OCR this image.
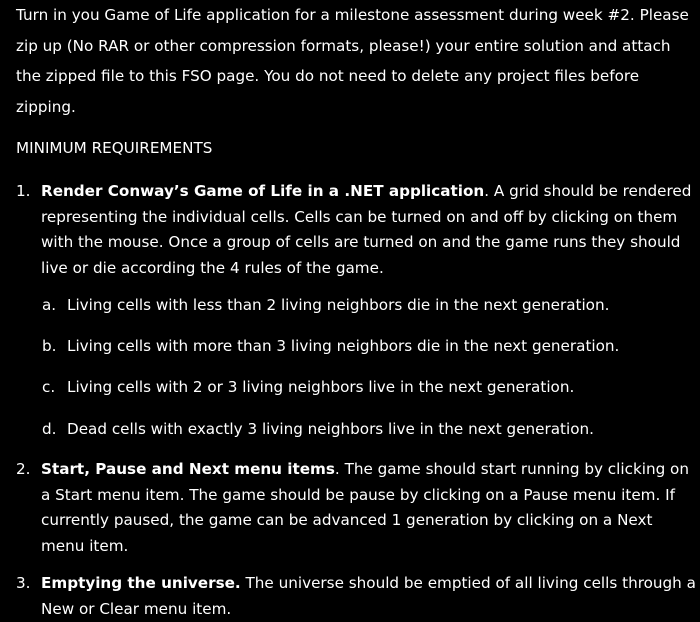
Turn in you Game of Life application for a milestone assessment during week #2. Please zip up (No RAR or other compression formats, please!) your entire solution and attach the zipped file to this FSO page. You do not need to delete any project files before zipping.
MINIMUM REQUIREMENTS
1. Render Conway’s Game of Life in a .NET application. A grid should be rendered representing the individual cells. Cells can be turned on and off by clicking on them with the mouse. Once a group of cells are turned on and the game runs they should live or die according the 4 rules of the game.
a. Living cells with less than 2 living neighbors die in the next generation.
b. Living cells with more than 3 living neighbors die in the next generation.
c. Living cells with 2 or 3 living neighbors live in the next generation.
d. Dead cells with exactly 3 living neighbors live in the next generation.
2. Start, Pause and Next menu items. The game should start running by clicking on a Start menu item. The game should be pause by clicking on a Pause menu item. If currently paused, the game can be advanced 1 generation by clicking on a Next menu item.
3. Emptying the universe. The universe should be emptied of all living cells through a New or Clear menu item.
